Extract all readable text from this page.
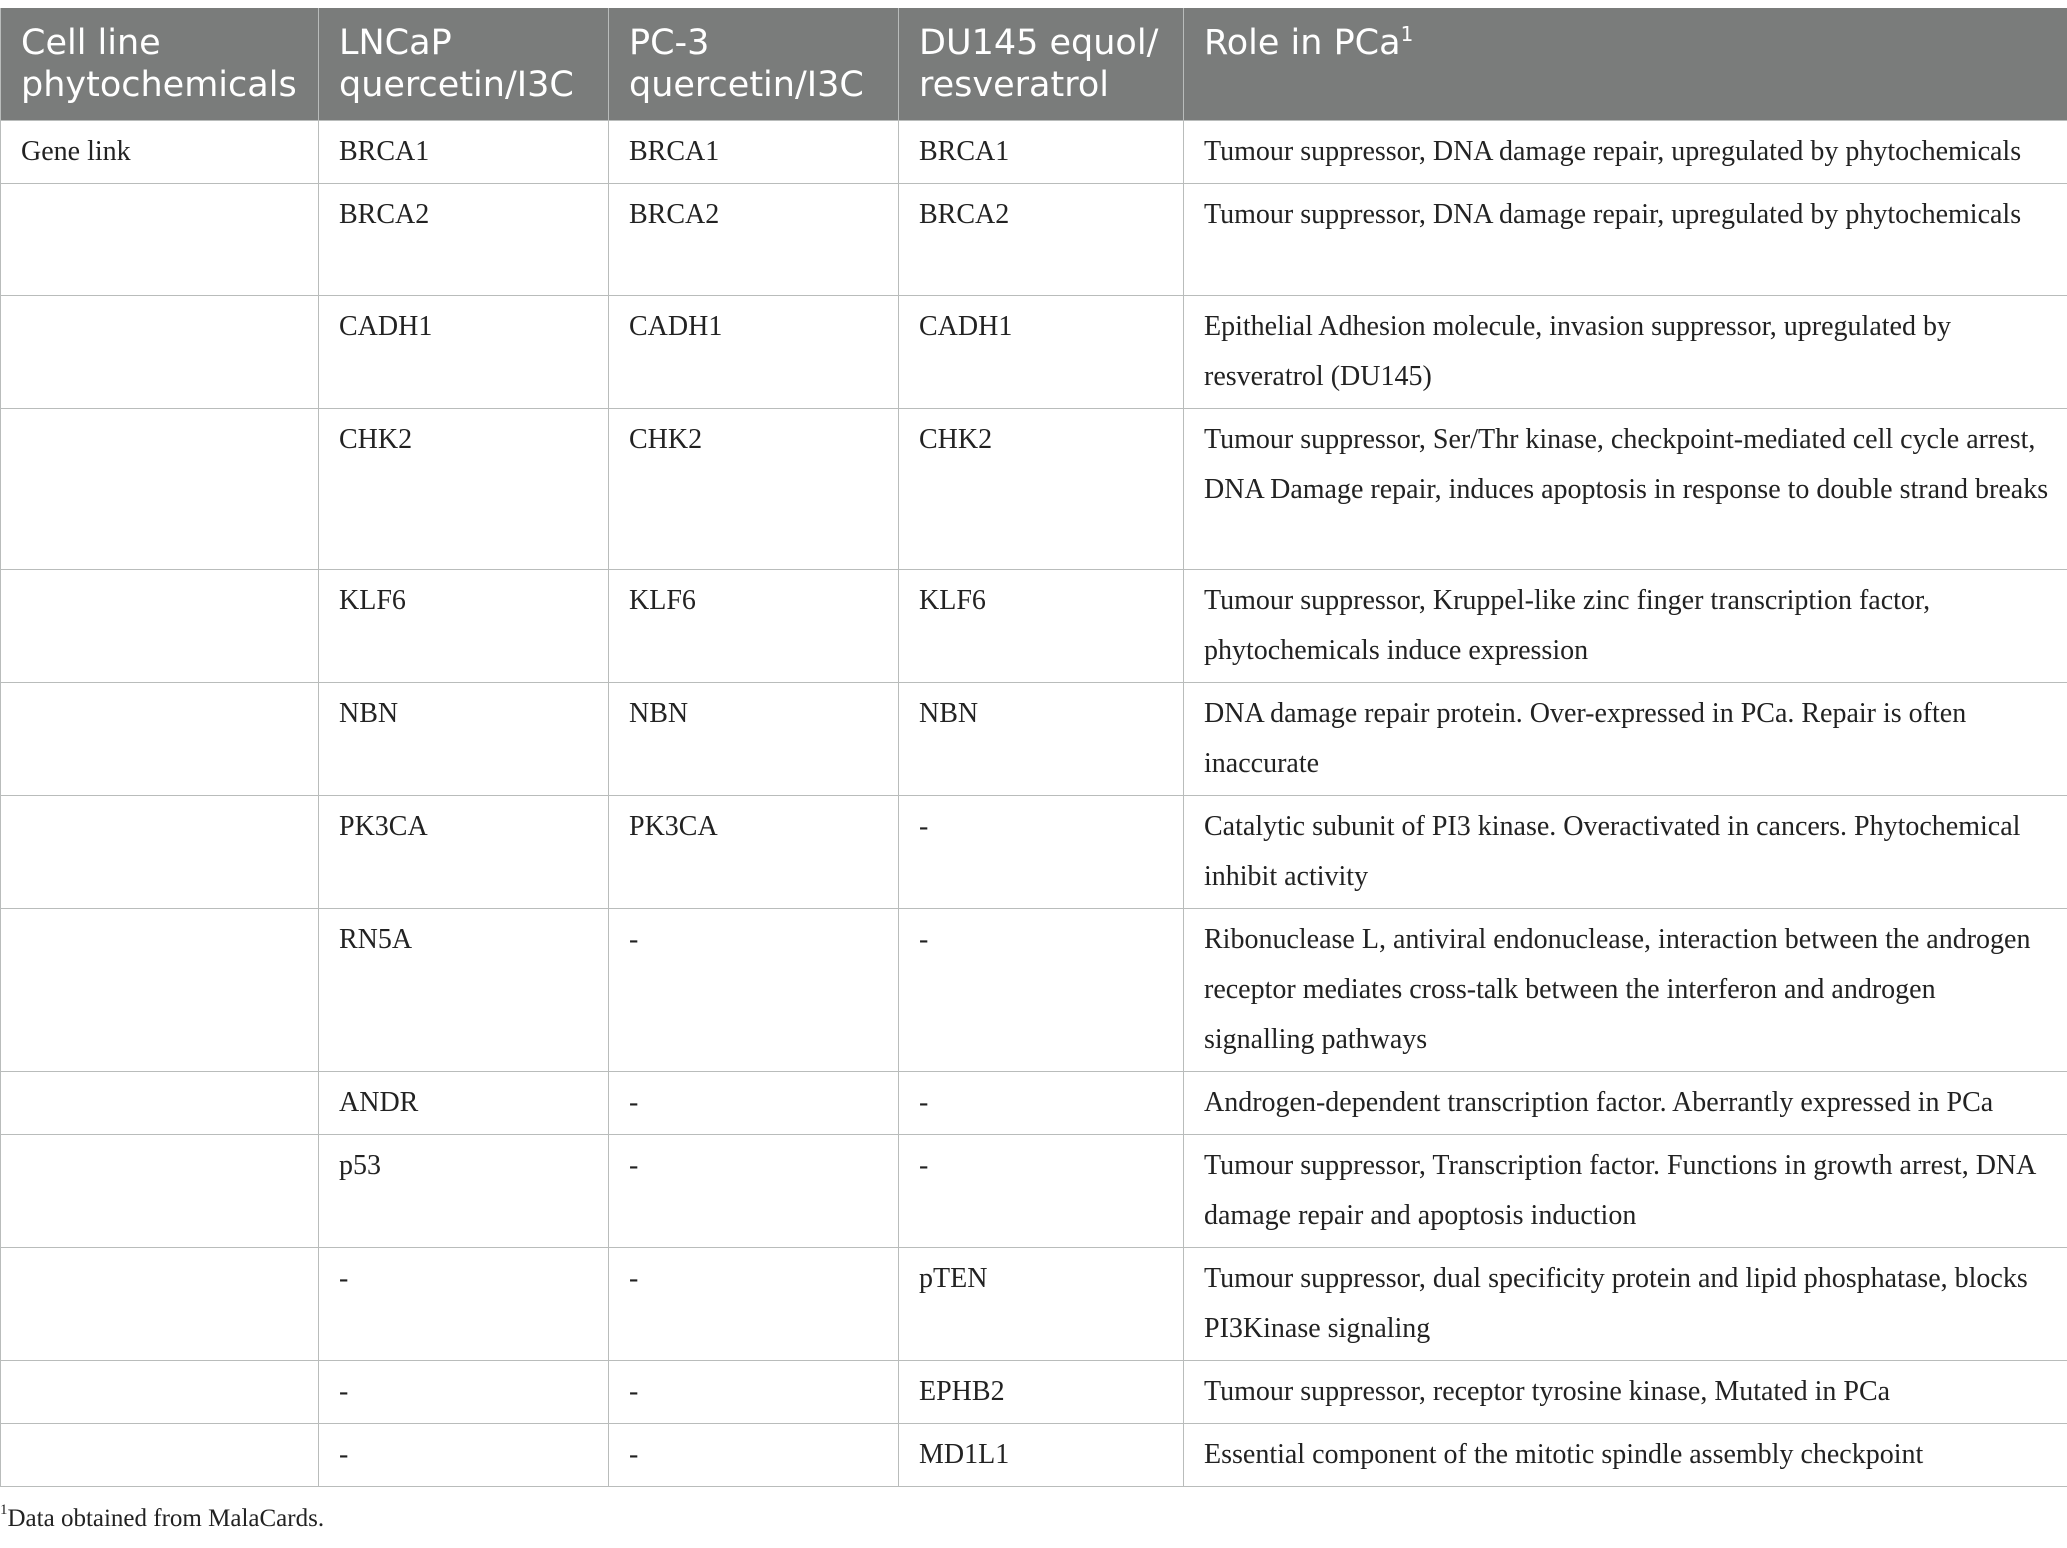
Cell line phytochemicals	LNCaP quercetin/I3C	PC-3 quercetin/I3C	DU145 equol/ resveratrol	Role in PCa$^1$
Gene link	BRCA1	BRCA1	BRCA1	Tumour suppressor, DNA damage repair, upregulated by phytochemicals
	BRCA2	BRCA2	BRCA2	Tumour suppressor, DNA damage repair, upregulated by phytochemicals
	CADH1	CADH1	CADH1	Epithelial Adhesion molecule, invasion suppressor, upregulated by resveratrol (DU145)
	CHK2	CHK2	CHK2	Tumour suppressor, Ser/Thr kinase, checkpoint-mediated cell cycle arrest, DNA Damage repair, induces apoptosis in response to double strand breaks
	KLF6	KLF6	KLF6	Tumour suppressor, Kruppel-like zinc finger transcription factor, phytochemicals induce expression
	NBN	NBN	NBN	DNA damage repair protein. Over-expressed in PCa. Repair is often inaccurate
	PK3CA	PK3CA	-	Catalytic subunit of PI3 kinase. Overactivated in cancers. Phytochemical inhibit activity
	RN5A	-	-	Ribonuclease L, antiviral endonuclease, interaction between the androgen receptor mediates cross-talk between the interferon and androgen signalling pathways
	ANDR	-	-	Androgen-dependent transcription factor. Aberrantly expressed in PCa
	p53	-	-	Tumour suppressor, Transcription factor. Functions in growth arrest, DNA damage repair and apoptosis induction
	-	-	pTEN	Tumour suppressor, dual specificity protein and lipid phosphatase, blocks PI3Kinase signaling
	-	-	EPHB2	Tumour suppressor, receptor tyrosine kinase, Mutated in PCa
	-	-	MD1L1	Essential component of the mitotic spindle assembly checkpoint
$^1$Data obtained from MalaCards.
